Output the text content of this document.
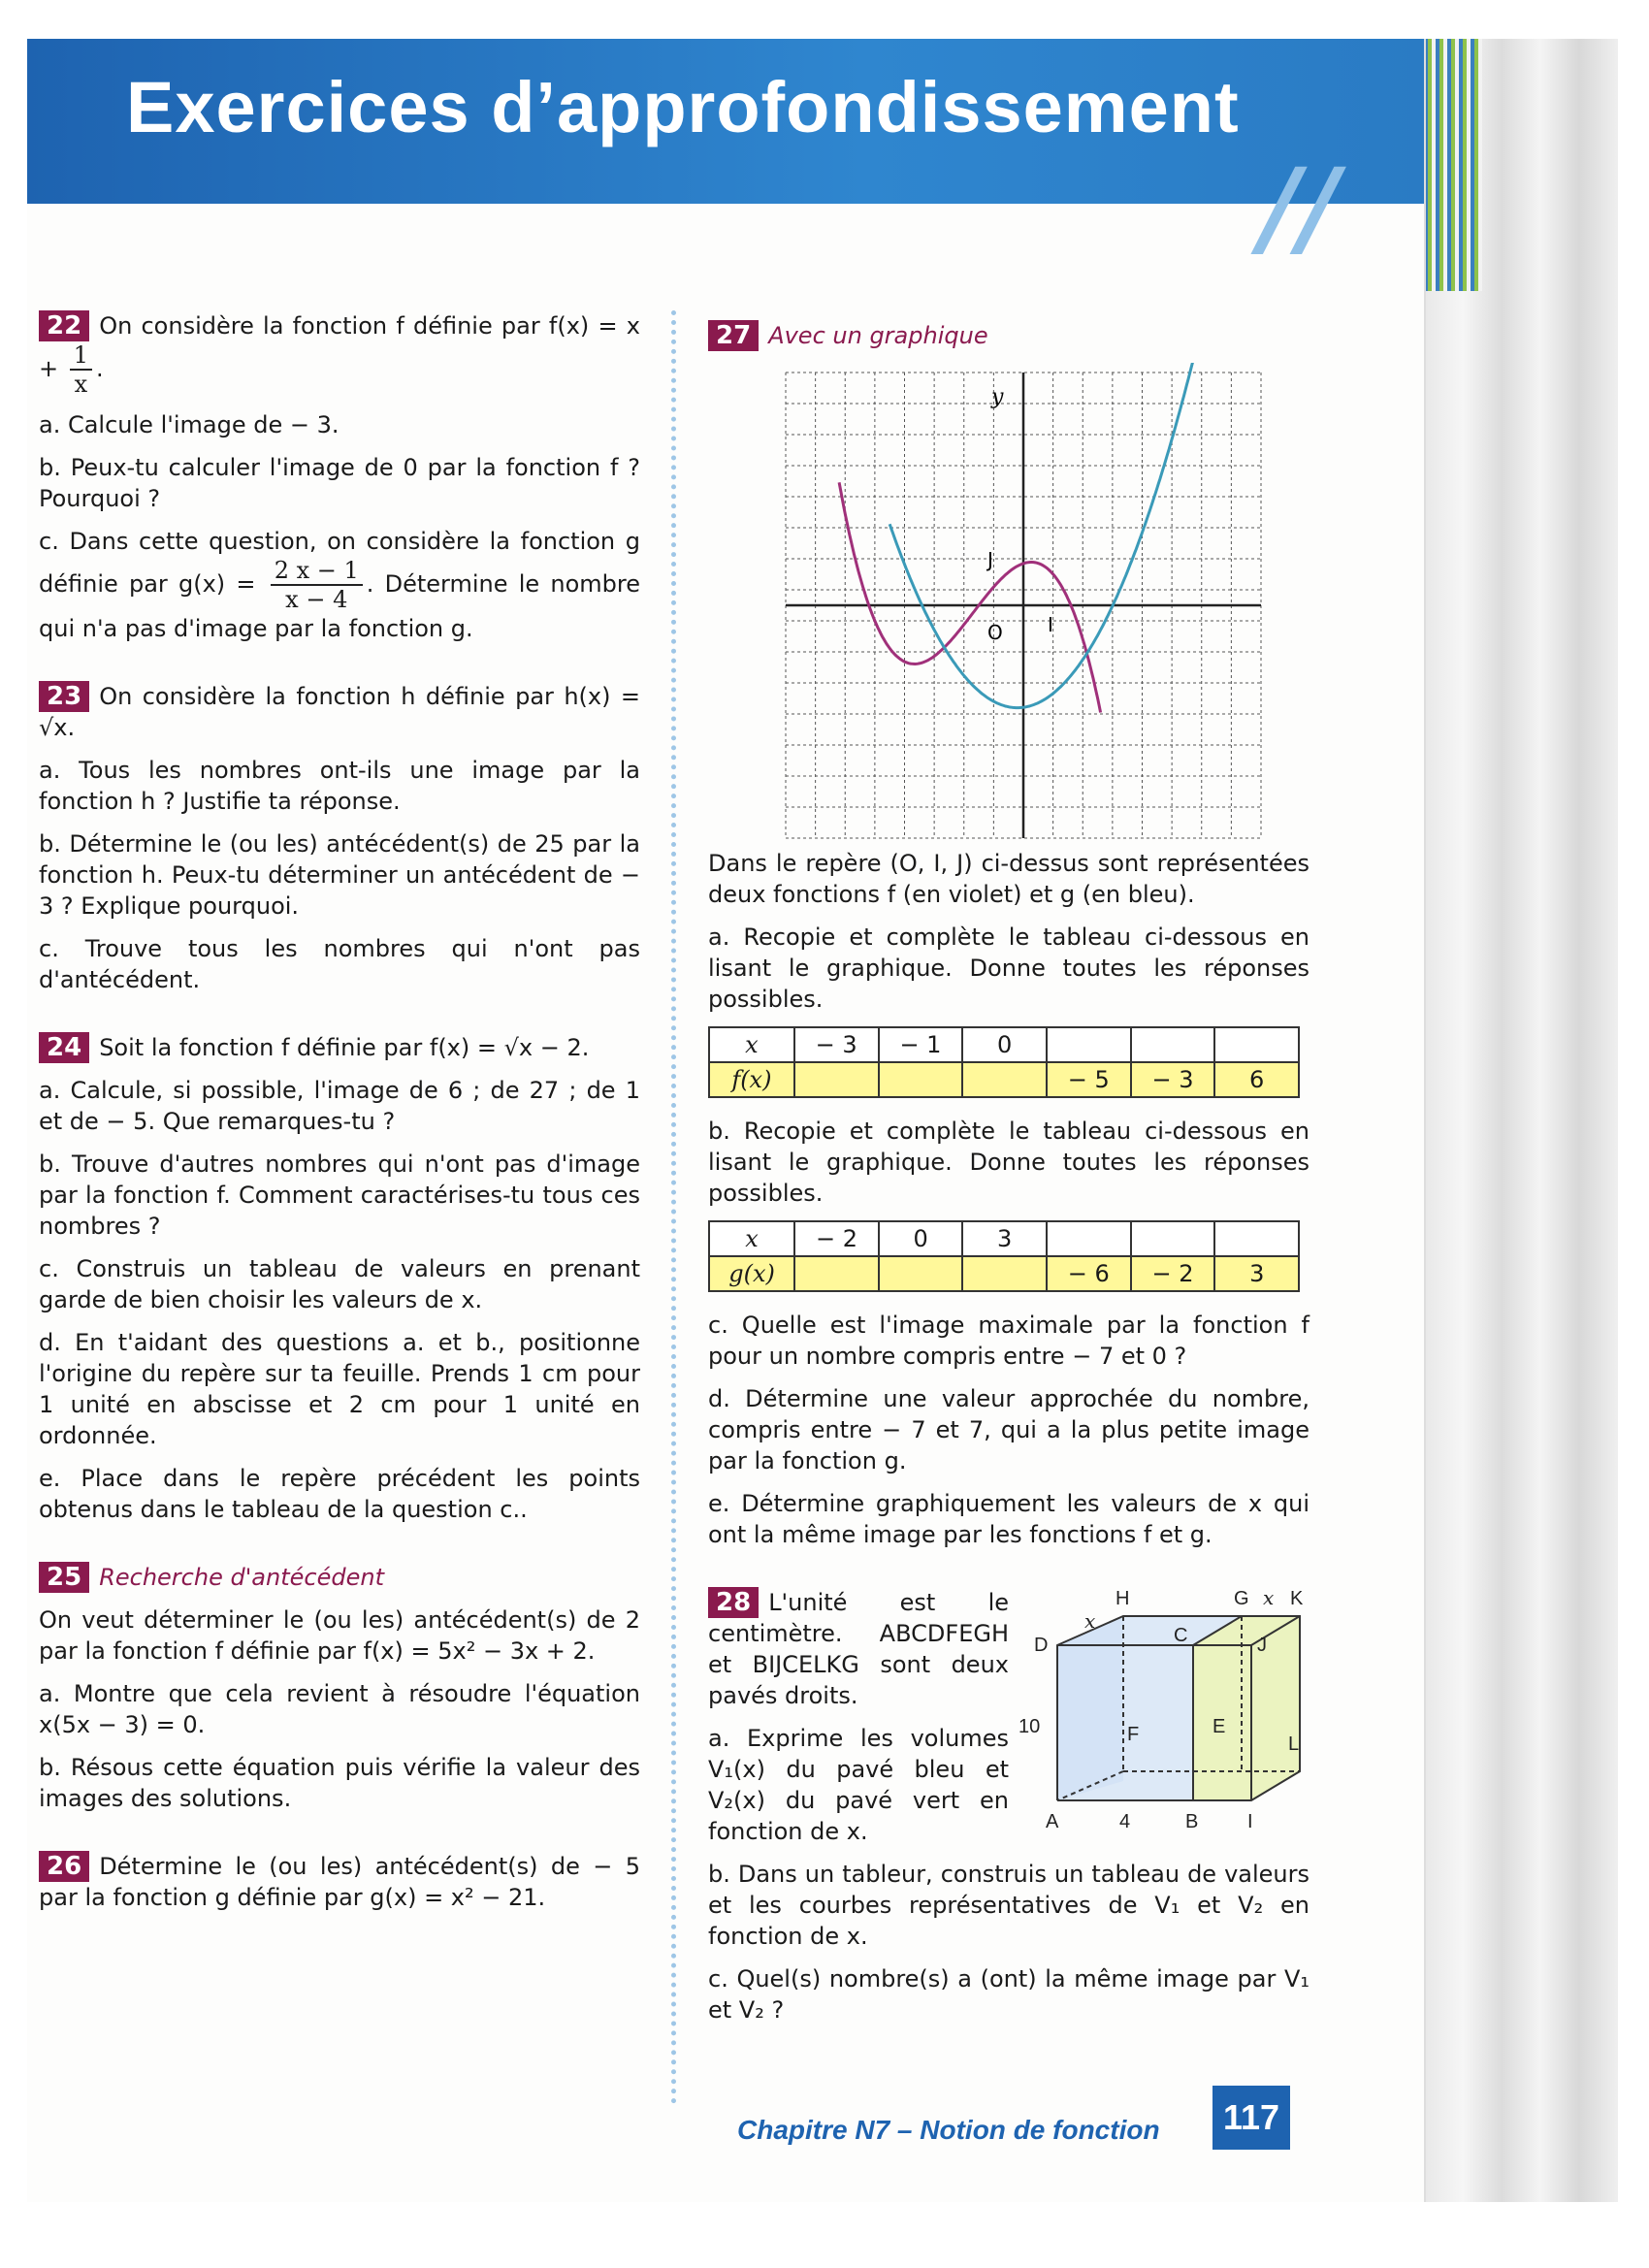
Exercices d’approfondissement
//

22 On considère la fonction f définie par $f(x) = x + \frac{1}{x}$ .

a. Calcule l'image de − 3.

b. Peux-tu calculer l'image de 0 par la fonction f ? Pourquoi ?

c. Dans cette question, on considère la fonction g définie par $g(x) = \frac{2 x - 1}{x - 4}$ . Détermine le nombre qui n'a pas d'image par la fonction g.

23 On considère la fonction h définie par h(x) = √x.

a. Tous les nombres ont-ils une image par la fonction h ? Justifie ta réponse.

b. Détermine le (ou les) antécédent(s) de 25 par la fonction h. Peux-tu déterminer un antécédent de − 3 ? Explique pourquoi.

c. Trouve tous les nombres qui n'ont pas d'antécédent.

24 Soit la fonction f définie par f(x) = √x − 2.

a. Calcule, si possible, l'image de 6 ; de 27 ; de 1 et de − 5. Que remarques-tu ?

b. Trouve d'autres nombres qui n'ont pas d'image par la fonction f. Comment caractérises-tu tous ces nombres ?

c. Construis un tableau de valeurs en prenant garde de bien choisir les valeurs de x.

d. En t'aidant des questions a. et b., positionne l'origine du repère sur ta feuille. Prends 1 cm pour 1 unité en abscisse et 2 cm pour 1 unité en ordonnée.

e. Place dans le repère précédent les points obtenus dans le tableau de la question c..

25 Recherche d'antécédent

On veut déterminer le (ou les) antécédent(s) de 2 par la fonction f définie par f(x) = 5x² − 3x + 2.

a. Montre que cela revient à résoudre l'équation x(5x − 3) = 0.

b. Résous cette équation puis vérifie la valeur des images des solutions.

26 Détermine le (ou les) antécédent(s) de − 5 par la fonction g définie par g(x) = x² − 21.

27 Avec un graphique

y
J
O I

Dans le repère (O, I, J) ci-dessus sont représentées deux fonctions f (en violet) et g (en bleu).

a. Recopie et complète le tableau ci-dessous en lisant le graphique. Donne toutes les réponses possibles.

x	− 3	− 1	0			
f(x)				− 5	− 3	6

b. Recopie et complète le tableau ci-dessous en lisant le graphique. Donne toutes les réponses possibles.

x	− 2	0	3			
g(x)				− 6	− 2	3

c. Quelle est l'image maximale par la fonction f pour un nombre compris entre − 7 et 0 ?

d. Détermine une valeur approchée du nombre, compris entre − 7 et 7, qui a la plus petite image par la fonction g.

e. Détermine graphiquement les valeurs de x qui ont la même image par les fonctions f et g.

28 L'unité est le centimètre. ABCDFEGH et BIJCELKG sont deux pavés droits.

a. Exprime les volumes V₁(x) du pavé bleu et V₂(x) du pavé vert en fonction de x.

H	G x K
x
D	C	J
10	F	E
L
A	4	B	I

b. Dans un tableur, construis un tableau de valeurs et les courbes représentatives de V₁ et V₂ en fonction de x.

c. Quel(s) nombre(s) a (ont) la même image par V₁ et V₂ ?

Chapitre N7 – Notion de fonction	117
